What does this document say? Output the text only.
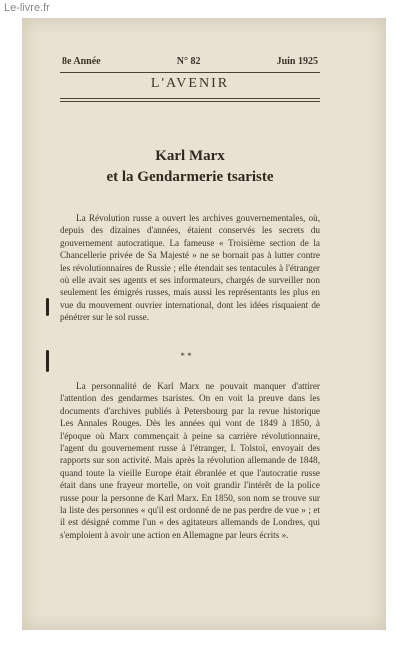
Le-livre.fr
8e Année	N° 82	Juin 1925
L'AVENIR
Karl Marx
et la Gendarmerie tsariste

La Révolution russe a ouvert les archives gouvernementales, où, depuis des dizaines d'années, étaient conservés les secrets du gouvernement autocratique. La fameuse « Troisième section de la Chancellerie privée de Sa Majesté » ne se bornait pas à lutter contre les révolutionnaires de Russie ; elle étendait ses tentacules à l'étranger où elle avait ses agents et ses informateurs, chargés de surveiller non seulement les émigrés russes, mais aussi les représentants les plus en vue du mouvement ouvrier international, dont les idées risquaient de pénétrer sur le sol russe.

* *

La personnalité de Karl Marx ne pouvait manquer d'attirer l'attention des gendarmes tsaristes. On en voit la preuve dans les documents d'archives publiés à Petersbourg par la revue historique Les Annales Rouges. Dès les années qui vont de 1849 à 1850, à l'époque où Marx commençait à peine sa carrière révolutionnaire, l'agent du gouvernement russe à l'étranger, I. Tolstoï, envoyait des rapports sur son activité. Mais après la révolution allemande de 1848, quand toute la vieille Europe était ébranlée et que l'autocratie russe était dans une frayeur mortelle, on voit grandir l'intérêt de la police russe pour la personne de Karl Marx. En 1850, son nom se trouve sur la liste des personnes « qu'il est ordonné de ne pas perdre de vue » ; et il est désigné comme l'un « des agitateurs allemands de Londres, qui s'emploient à avoir une action en Allemagne par leurs écrits ».
